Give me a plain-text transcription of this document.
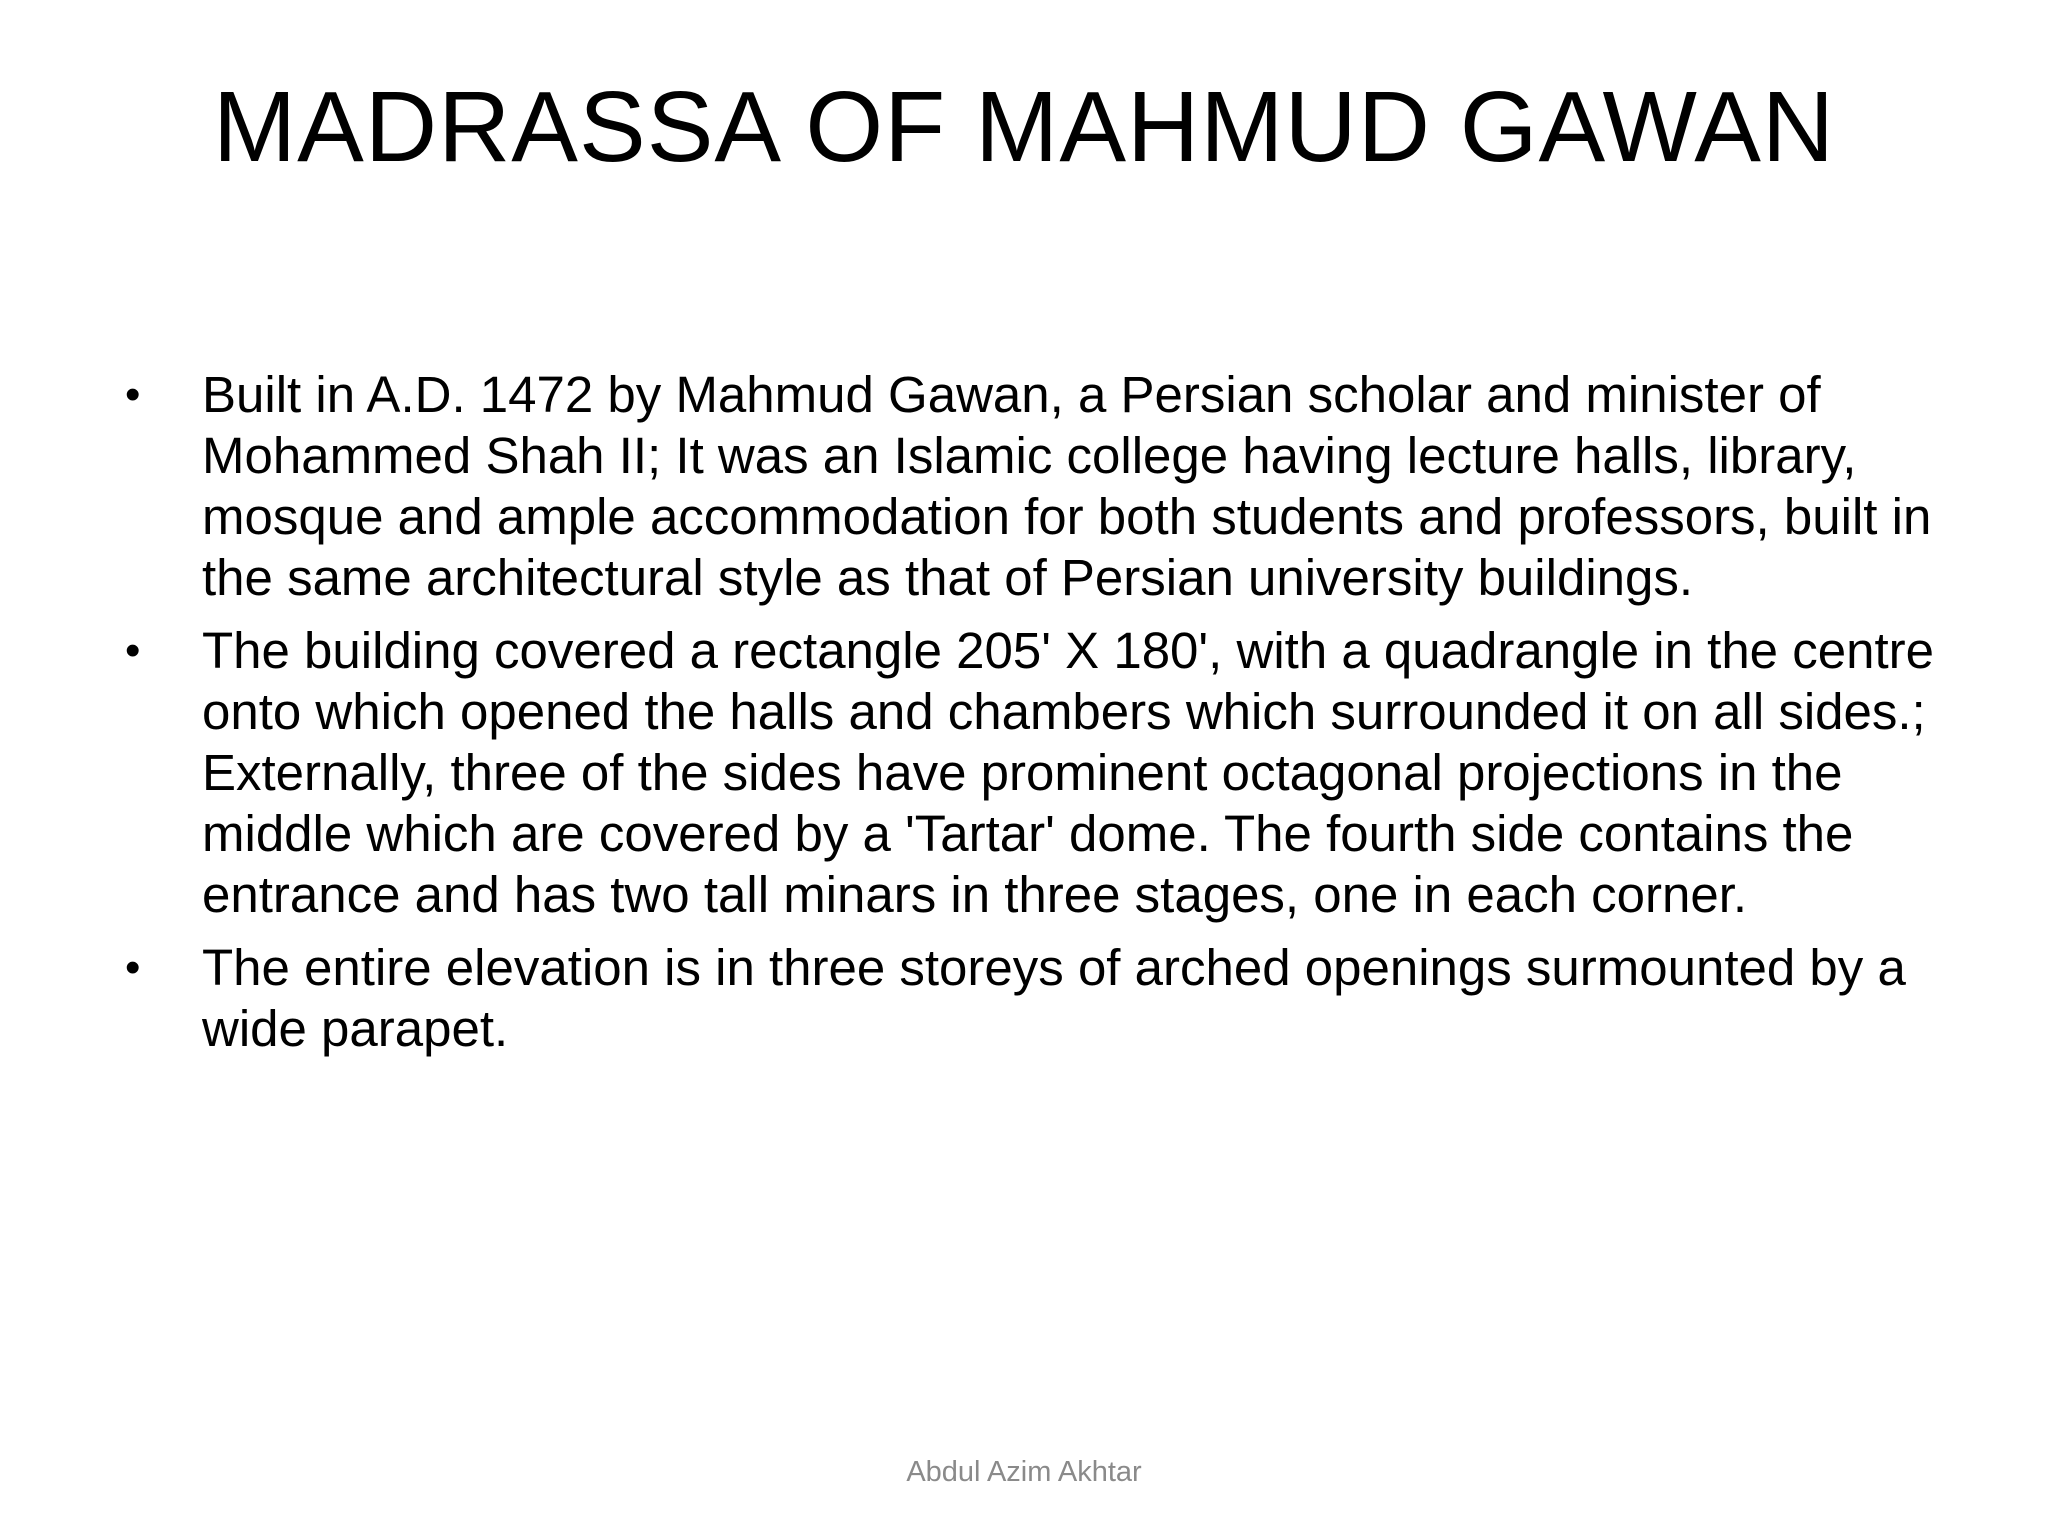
MADRASSA OF MAHMUD GAWAN
• Built in A.D. 1472 by Mahmud Gawan, a Persian scholar and minister of Mohammed Shah II; It was an Islamic college having lecture halls, library, mosque and ample accommodation for both students and professors, built in the same architectural style as that of Persian university buildings.
• The building covered a rectangle 205' X 180', with a quadrangle in the centre onto which opened the halls and chambers which surrounded it on all sides.; Externally, three of the sides have prominent octagonal projections in the middle which are covered by a 'Tartar' dome. The fourth side contains the entrance and has two tall minars in three stages, one in each corner.
• The entire elevation is in three storeys of arched openings surmounted by a wide parapet.
Abdul Azim Akhtar
